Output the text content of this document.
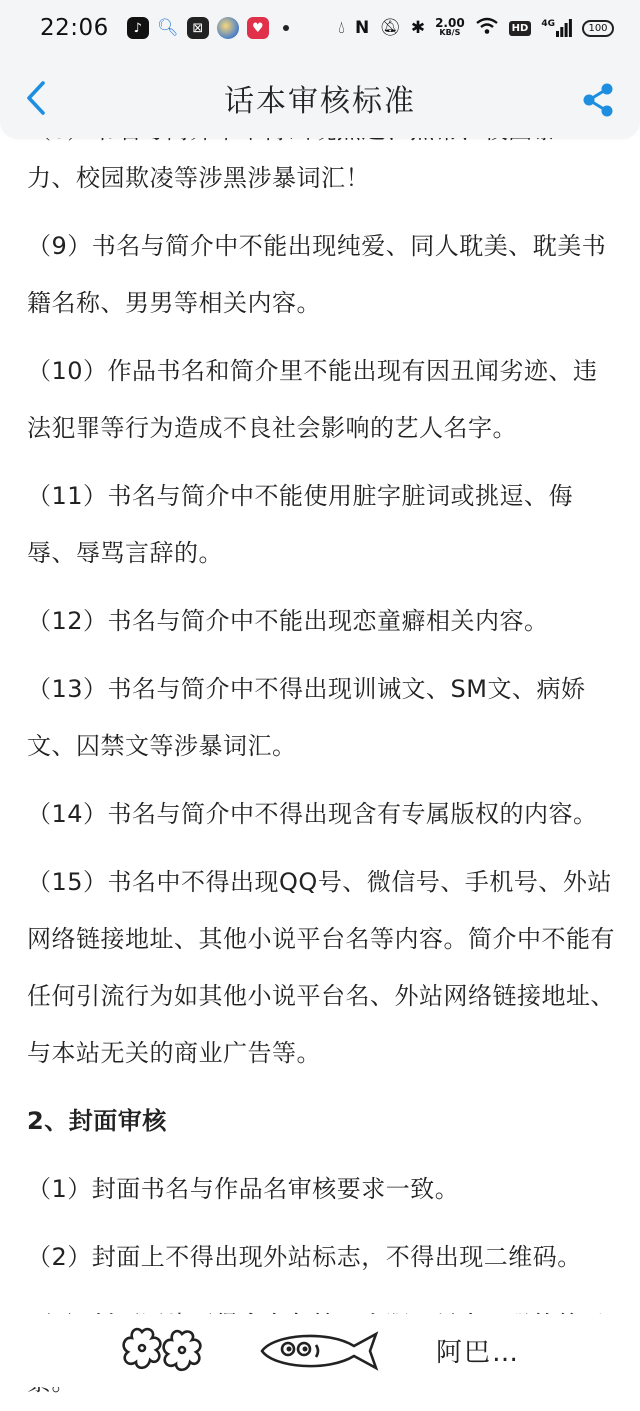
22:06	♪ 🔍︎	⊠	♥	💧︎ N 🔕︎ ✱ 2.00
KB/S	HD	4G	100
话本审核标准

力、校园欺凌等涉黑涉暴词汇！

（9）书名与简介中不能出现纯爱、同人耽美、耽美书籍名称、男男等相关内容。

（10）作品书名和简介里不能出现有因丑闻劣迹、违法犯罪等行为造成不良社会影响的艺人名字。

（11）书名与简介中不能使用脏字脏词或挑逗、侮辱、辱骂言辞的。

（12）书名与简介中不能出现恋童癖相关内容。

（13）书名与简介中不得出现训诫文、SM文、病娇文、囚禁文等涉暴词汇。

（14）书名与简介中不得出现含有专属版权的内容。

（15）书名中不得出现QQ号、微信号、手机号、外站网络链接地址、其他小说平台名等内容。简介中不能有任何引流行为如其他小说平台名、外站网络链接地址、与本站无关的商业广告等。

2、封面审核

（1）封面书名与作品名审核要求一致。

（2）封面上不得出现外站标志，不得出现二维码。

阿巴…
